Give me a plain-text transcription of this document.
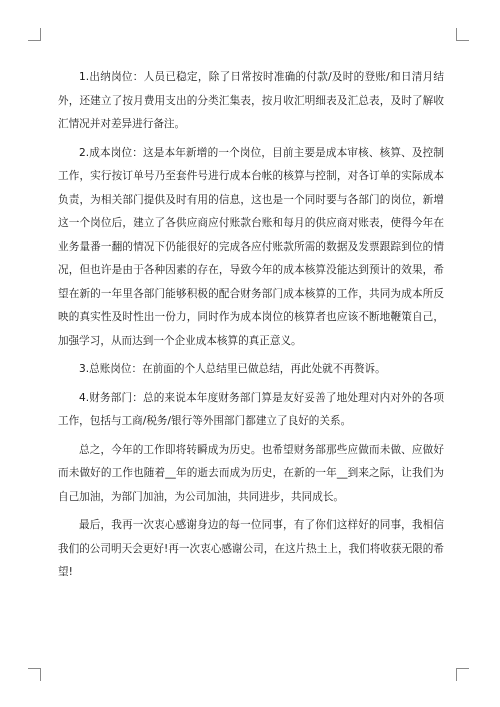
1.出纳岗位：人员已稳定，除了日常按时准确的付款/及时的登账/和日清月结外，还建立了按月费用支出的分类汇集表，按月收汇明细表及汇总表，及时了解收汇情况并对差异进行备注。

2.成本岗位：这是本年新增的一个岗位，目前主要是成本审核、核算、及控制工作，实行按订单号乃至套件号进行成本台帐的核算与控制，对各订单的实际成本负责，为相关部门提供及时有用的信息，这也是一个同时要与各部门的岗位，新增这一个岗位后，建立了各供应商应付账款台账和每月的供应商对账表，使得今年在业务量番一翻的情况下仍能很好的完成各应付账款所需的数据及发票跟踪到位的情况，但也许是由于各种因素的存在，导致今年的成本核算没能达到预计的效果，希望在新的一年里各部门能够积极的配合财务部门成本核算的工作，共同为成本所反映的真实性及时性出一份力，同时作为成本岗位的核算者也应该不断地鞭策自己，加强学习，从而达到一个企业成本核算的真正意义。

3.总账岗位：在前面的个人总结里已做总结，再此处就不再赘诉。

4.财务部门：总的来说本年度财务部门算是友好妥善了地处理对内对外的各项工作，包括与工商/税务/银行等外围部门都建立了良好的关系。

总之，今年的工作即将转瞬成为历史。也希望财务部那些应做而未做、应做好而未做好的工作也随着__年的逝去而成为历史，在新的一年__到来之际，让我们为自己加油，为部门加油，为公司加油，共同进步，共同成长。

最后，我再一次衷心感谢身边的每一位同事，有了你们这样好的同事，我相信我们的公司明天会更好!再一次衷心感谢公司，在这片热土上，我们将收获无限的希望!
